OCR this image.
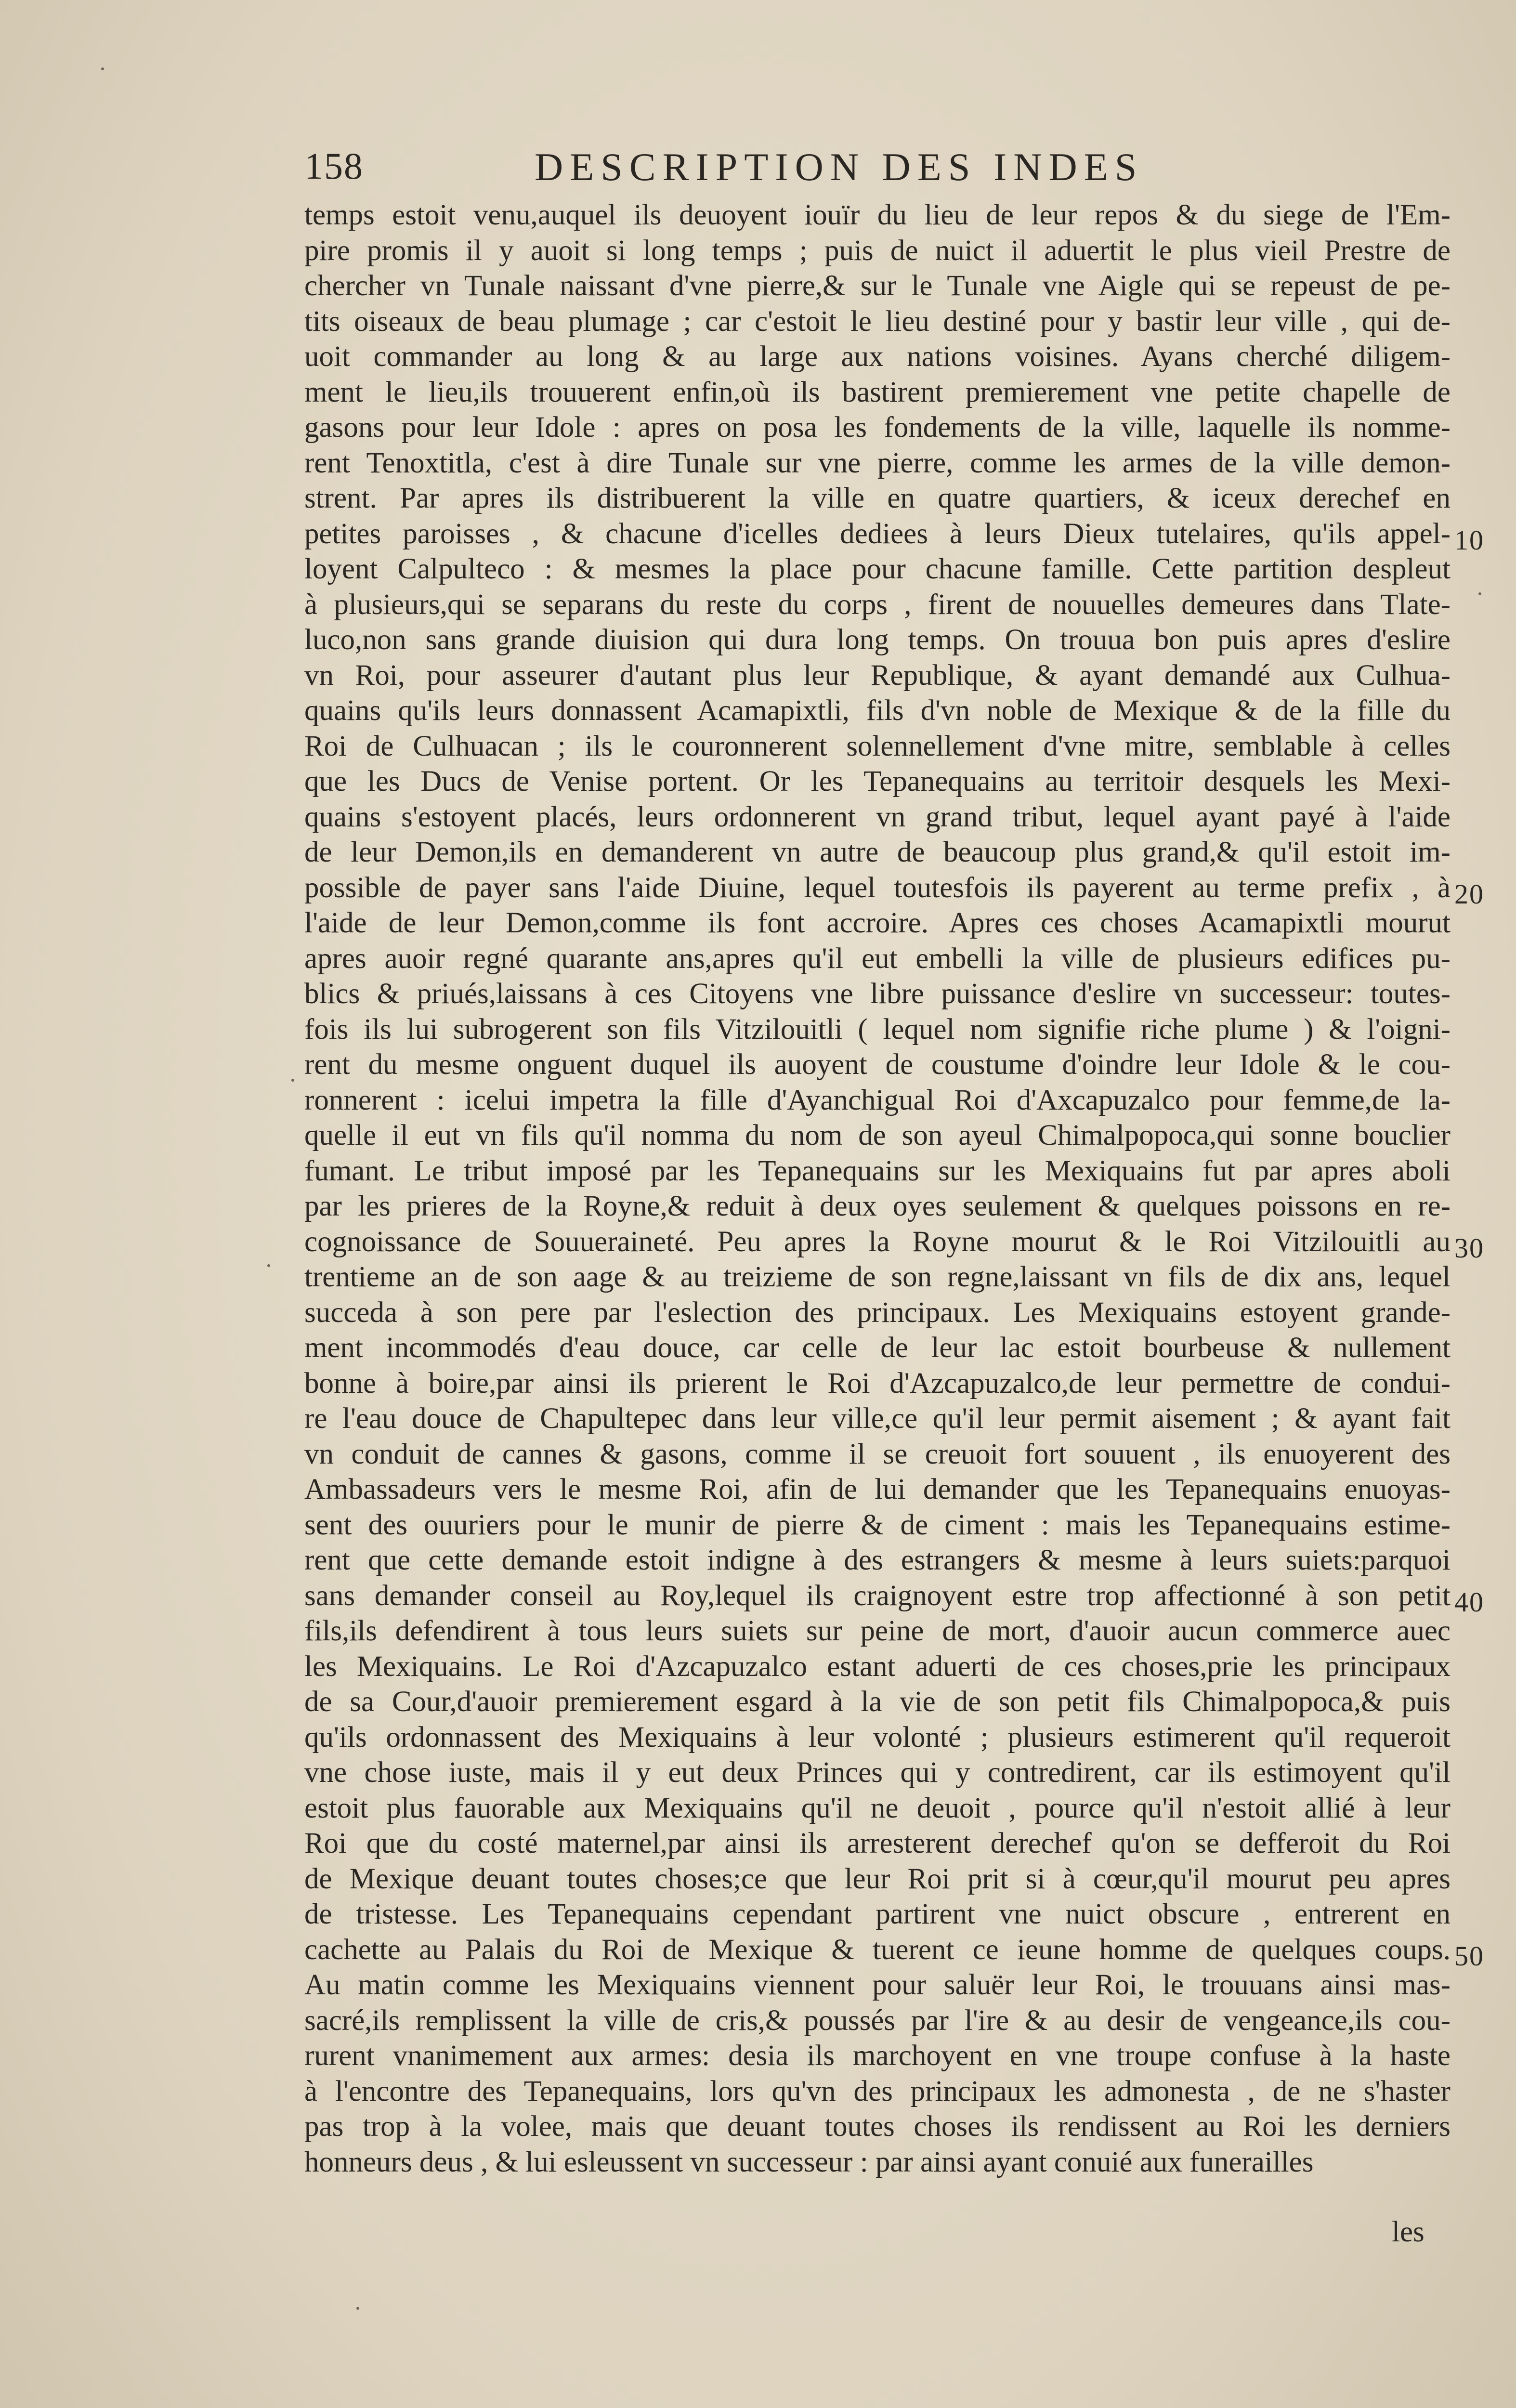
158	DESCRIPTION DES INDES
temps estoit venu,auquel ils deuoyent iouïr du lieu de leur repos & du siege de l'Em-
pire promis il y auoit si long temps ; puis de nuict il aduertit le plus vieil Prestre de
chercher vn Tunale naissant d'vne pierre,& sur le Tunale vne Aigle qui se repeust de pe-
tits oiseaux de beau plumage ; car c'estoit le lieu destiné pour y bastir leur ville , qui de-
uoit commander au long & au large aux nations voisines. Ayans cherché diligem-
ment le lieu,ils trouuerent enfin,où ils bastirent premierement vne petite chapelle de
gasons pour leur Idole : apres on posa les fondements de la ville, laquelle ils nomme-
rent Tenoxtitla, c'est à dire Tunale sur vne pierre, comme les armes de la ville demon-
strent. Par apres ils distribuerent la ville en quatre quartiers, & iceux derechef en
petites paroisses , & chacune d'icelles dediees à leurs Dieux tutelaires, qu'ils appel-
loyent Calpulteco : & mesmes la place pour chacune famille. Cette partition despleut
à plusieurs,qui se separans du reste du corps , firent de nouuelles demeures dans Tlate-
luco,non sans grande diuision qui dura long temps. On trouua bon puis apres d'eslire
vn Roi, pour asseurer d'autant plus leur Republique, & ayant demandé aux Culhua-
quains qu'ils leurs donnassent Acamapixtli, fils d'vn noble de Mexique & de la fille du
Roi de Culhuacan ; ils le couronnerent solennellement d'vne mitre, semblable à celles
que les Ducs de Venise portent. Or les Tepanequains au territoir desquels les Mexi-
quains s'estoyent placés, leurs ordonnerent vn grand tribut, lequel ayant payé à l'aide
de leur Demon,ils en demanderent vn autre de beaucoup plus grand,& qu'il estoit im-
possible de payer sans l'aide Diuine, lequel toutesfois ils payerent au terme prefix , à
l'aide de leur Demon,comme ils font accroire. Apres ces choses Acamapixtli mourut
apres auoir regné quarante ans,apres qu'il eut embelli la ville de plusieurs edifices pu-
blics & priués,laissans à ces Citoyens vne libre puissance d'eslire vn successeur: toutes-
fois ils lui subrogerent son fils Vitzilouitli ( lequel nom signifie riche plume ) & l'oigni-
rent du mesme onguent duquel ils auoyent de coustume d'oindre leur Idole & le cou-
ronnerent : icelui impetra la fille d'Ayanchigual Roi d'Axcapuzalco pour femme,de la-
quelle il eut vn fils qu'il nomma du nom de son ayeul Chimalpopoca,qui sonne bouclier
fumant. Le tribut imposé par les Tepanequains sur les Mexiquains fut par apres aboli
par les prieres de la Royne,& reduit à deux oyes seulement & quelques poissons en re-
cognoissance de Souueraineté. Peu apres la Royne mourut & le Roi Vitzilouitli au
trentieme an de son aage & au treizieme de son regne,laissant vn fils de dix ans, lequel
succeda à son pere par l'eslection des principaux. Les Mexiquains estoyent grande-
ment incommodés d'eau douce, car celle de leur lac estoit bourbeuse & nullement
bonne à boire,par ainsi ils prierent le Roi d'Azcapuzalco,de leur permettre de condui-
re l'eau douce de Chapultepec dans leur ville,ce qu'il leur permit aisement ; & ayant fait
vn conduit de cannes & gasons, comme il se creuoit fort souuent , ils enuoyerent des
Ambassadeurs vers le mesme Roi, afin de lui demander que les Tepanequains enuoyas-
sent des ouuriers pour le munir de pierre & de ciment : mais les Tepanequains estime-
rent que cette demande estoit indigne à des estrangers & mesme à leurs suiets:parquoi
sans demander conseil au Roy,lequel ils craignoyent estre trop affectionné à son petit
fils,ils defendirent à tous leurs suiets sur peine de mort, d'auoir aucun commerce auec
les Mexiquains. Le Roi d'Azcapuzalco estant aduerti de ces choses,prie les principaux
de sa Cour,d'auoir premierement esgard à la vie de son petit fils Chimalpopoca,& puis
qu'ils ordonnassent des Mexiquains à leur volonté ; plusieurs estimerent qu'il requeroit
vne chose iuste, mais il y eut deux Princes qui y contredirent, car ils estimoyent qu'il
estoit plus fauorable aux Mexiquains qu'il ne deuoit , pource qu'il n'estoit allié à leur
Roi que du costé maternel,par ainsi ils arresterent derechef qu'on se defferoit du Roi
de Mexique deuant toutes choses;ce que leur Roi prit si à cœur,qu'il mourut peu apres
de tristesse. Les Tepanequains cependant partirent vne nuict obscure , entrerent en
cachette au Palais du Roi de Mexique & tuerent ce ieune homme de quelques coups.
Au matin comme les Mexiquains viennent pour saluër leur Roi, le trouuans ainsi mas-
sacré,ils remplissent la ville de cris,& poussés par l'ire & au desir de vengeance,ils cou-
rurent vnanimement aux armes: desia ils marchoyent en vne troupe confuse à la haste
à l'encontre des Tepanequains, lors qu'vn des principaux les admonesta , de ne s'haster
pas trop à la volee, mais que deuant toutes choses ils rendissent au Roi les derniers
honneurs deus , & lui esleussent vn successeur : par ainsi ayant conuié aux funerailles
10
20
30
40
50
les
